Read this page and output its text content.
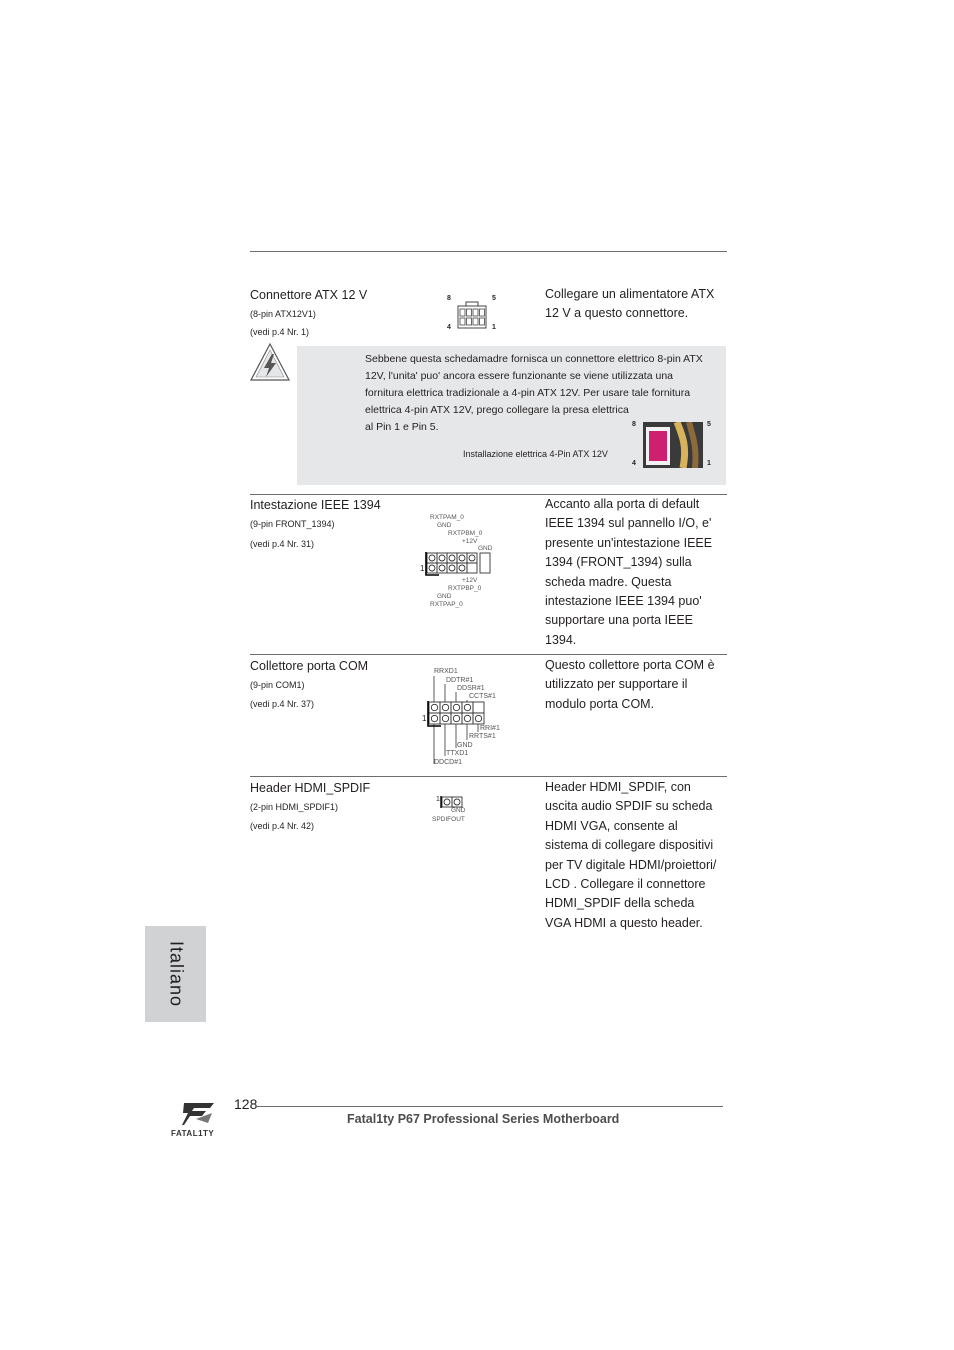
Connettore ATX 12 V
(8-pin ATX12V1)
(vedi p.4 Nr. 1)
8	5
4	1
Collegare un alimentatore ATX
12 V a questo connettore.
Sebbene questa schedamadre fornisca un connettore elettrico 8-pin ATX
12V, l'unita' puo' ancora essere funzionante se viene utilizzata una
fornitura elettrica tradizionale a 4-pin ATX 12V. Per usare tale fornitura
elettrica 4-pin ATX 12V, prego collegare la presa elettrica
al Pin 1 e Pin 5.
Installazione elettrica 4-Pin ATX 12V
8	5
4	1
Intestazione IEEE 1394
(9-pin FRONT_1394)
(vedi p.4 Nr. 31)
RXTPAM_0
GND
RXTPBM_0
+12V
GND
1
+12V
RXTPBP_0
GND
RXTPAP_0
Accanto alla porta di default
IEEE 1394 sul pannello I/O, e'
presente un'intestazione IEEE
1394 (FRONT_1394) sulla
scheda madre. Questa
intestazione IEEE 1394 puo'
supportare una porta IEEE
1394.
Collettore porta COM
(9-pin COM1)
(vedi p.4 Nr. 37)
RRXD1
DDTR#1
DDSR#1
CCTS#1
1
RRI#1
RRTS#1
GND
TTXD1
DDCD#1
Questo collettore porta COM è
utilizzato per supportare il
modulo porta COM.
Header HDMI_SPDIF
(2-pin HDMI_SPDIF1)
(vedi p.4 Nr. 42)
1
GND
SPDIFOUT
Header HDMI_SPDIF, con
uscita audio SPDIF su scheda
HDMI VGA, consente al
sistema di collegare dispositivi
per TV digitale HDMI/proiettori/
LCD . Collegare il connettore
HDMI_SPDIF della scheda
VGA HDMI a questo header.
Italiano
FATAL1TY
128
Fatal1ty P67 Professional Series Motherboard
